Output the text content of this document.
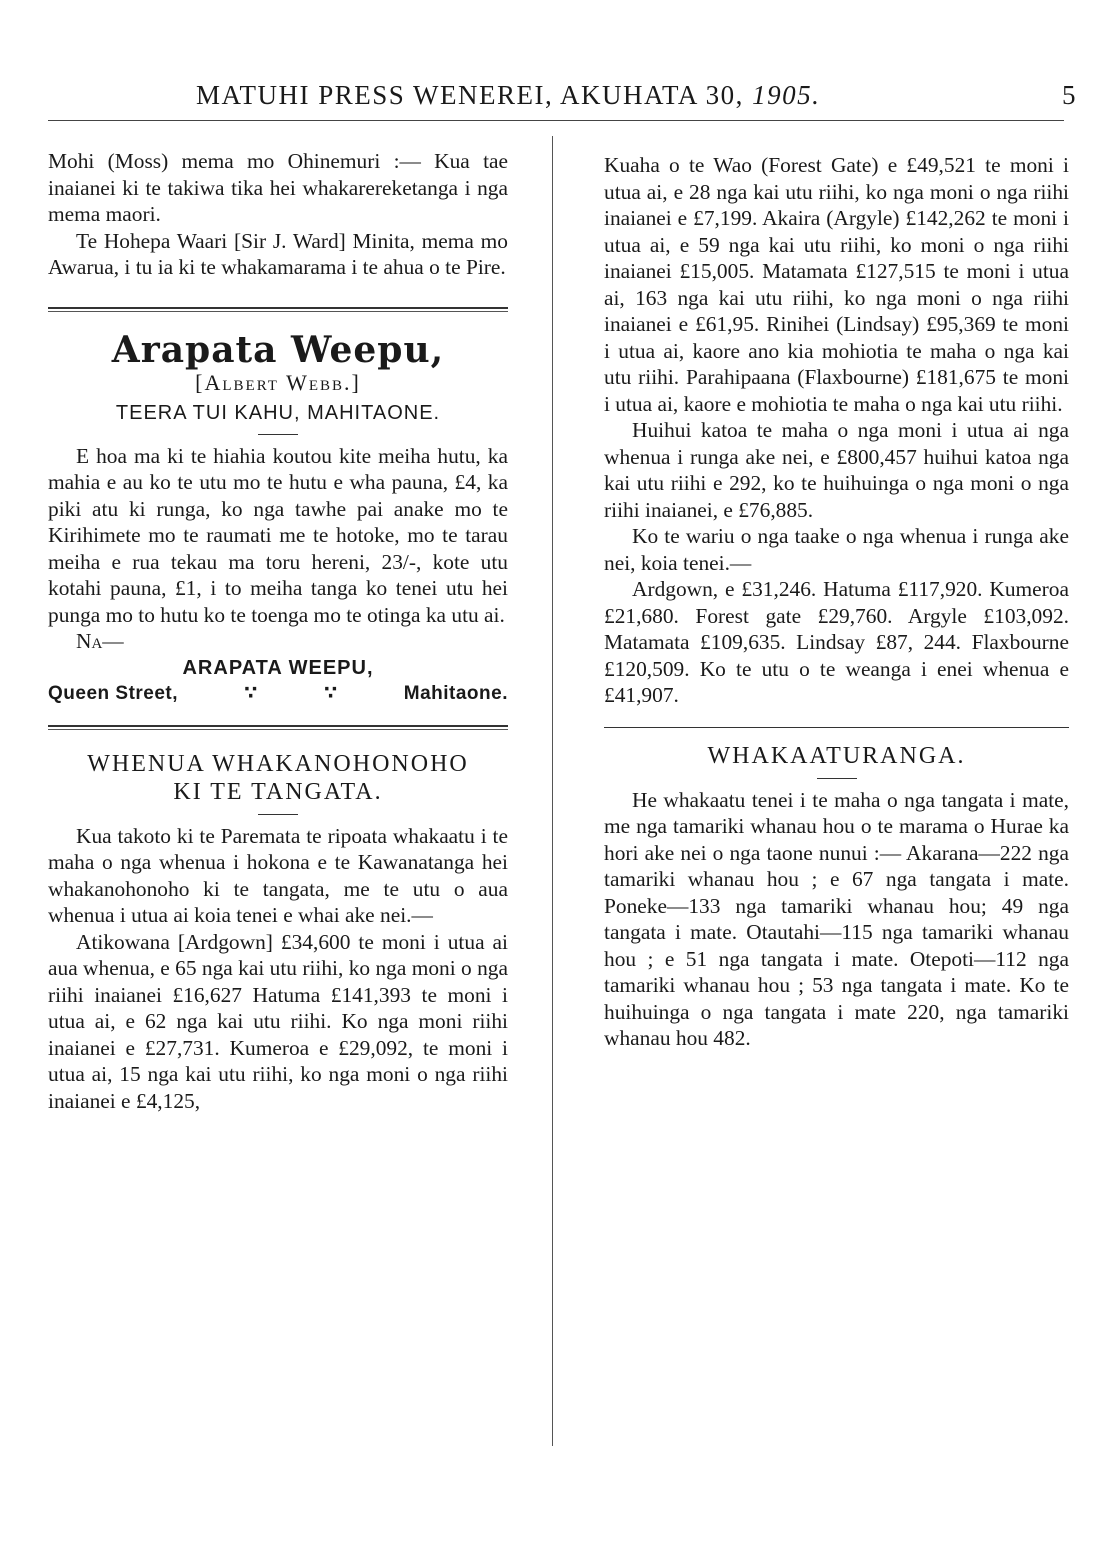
MATUHI PRESS WENEREI, AKUHATA 30, 1905.	5

Mohi (Moss) mema mo Ohinemuri :— Kua tae inaianei ki te takiwa tika hei whakarereketanga i nga mema maori.

Te Hohepa Waari [Sir J. Ward] Minita, mema mo Awarua, i tu ia ki te whakamarama i te ahua o te Pire.

Arapata Weepu,
[Albert Webb.]
TEERA TUI KAHU, MAHITAONE.

E hoa ma ki te hiahia koutou kite meiha hutu, ka mahia e au ko te utu mo te hutu e wha pauna, £4, ka piki atu ki runga, ko nga tawhe pai anake mo te Kirihimete mo te raumati me te hotoke, mo te tarau meiha e rua tekau ma toru hereni, 23/-, kote utu kotahi pauna, £1, i to meiha tanga ko tenei utu hei punga mo to hutu ko te toenga mo te otinga ka utu ai.

Na—

ARAPATA WEEPU,
Queen Street,	∵	∵	Mahitaone.
WHENUA WHAKANOHONOHO
KI TE TANGATA.

Kua takoto ki te Paremata te ripoata whakaatu i te maha o nga whenua i hokona e te Kawanatanga hei whakanohonoho ki te tangata, me te utu o aua whenua i utua ai koia tenei e whai ake nei.—

Atikowana [Ardgown] £34,600 te moni i utua ai aua whenua, e 65 nga kai utu riihi, ko nga moni o nga riihi inaianei £16,627 Hatuma £141,393 te moni i utua ai, e 62 nga kai utu riihi. Ko nga moni riihi inaianei e £27,731. Kumeroa e £29,092, te moni i utua ai, 15 nga kai utu riihi, ko nga moni o nga riihi inaianei e £4,125,

Kuaha o te Wao (Forest Gate) e £49,521 te moni i utua ai, e 28 nga kai utu riihi, ko nga moni o nga riihi inaianei e £7,199. Akaira (Argyle) £142,262 te moni i utua ai, e 59 nga kai utu riihi, ko moni o nga riihi inaianei £15,005. Matamata £127,515 te moni i utua ai, 163 nga kai utu riihi, ko nga moni o nga riihi inaianei e £61,95. Rinihei (Lindsay) £95,369 te moni i utua ai, kaore ano kia mohiotia te maha o nga kai utu riihi. Parahipaana (Flaxbourne) £181,675 te moni i utua ai, kaore e mohiotia te maha o nga kai utu riihi.

Huihui katoa te maha o nga moni i utua ai nga whenua i runga ake nei, e £800,457 huihui katoa nga kai utu riihi e 292, ko te huihuinga o nga moni o nga riihi inaianei, e £76,885.

Ko te wariu o nga taake o nga whenua i runga ake nei, koia tenei.—

Ardgown, e £31,246. Hatuma £117,920. Kumeroa £21,680. Forest gate £29,760. Argyle £103,092. Matamata £109,635. Lindsay £87, 244. Flaxbourne £120,509. Ko te utu o te weanga i enei whenua e £41,907.

WHAKAATURANGA.

He whakaatu tenei i te maha o nga tangata i mate, me nga tamariki whanau hou o te marama o Hurae ka hori ake nei o nga taone nunui :— Akarana—222 nga tamariki whanau hou ; e 67 nga tangata i mate. Poneke—133 nga tamariki whanau hou; 49 nga tangata i mate. Otautahi—115 nga tamariki whanau hou ; e 51 nga tangata i mate. Otepoti—112 nga tamariki whanau hou ; 53 nga tangata i mate. Ko te huihuinga o nga tangata i mate 220, nga tamariki whanau hou 482.
